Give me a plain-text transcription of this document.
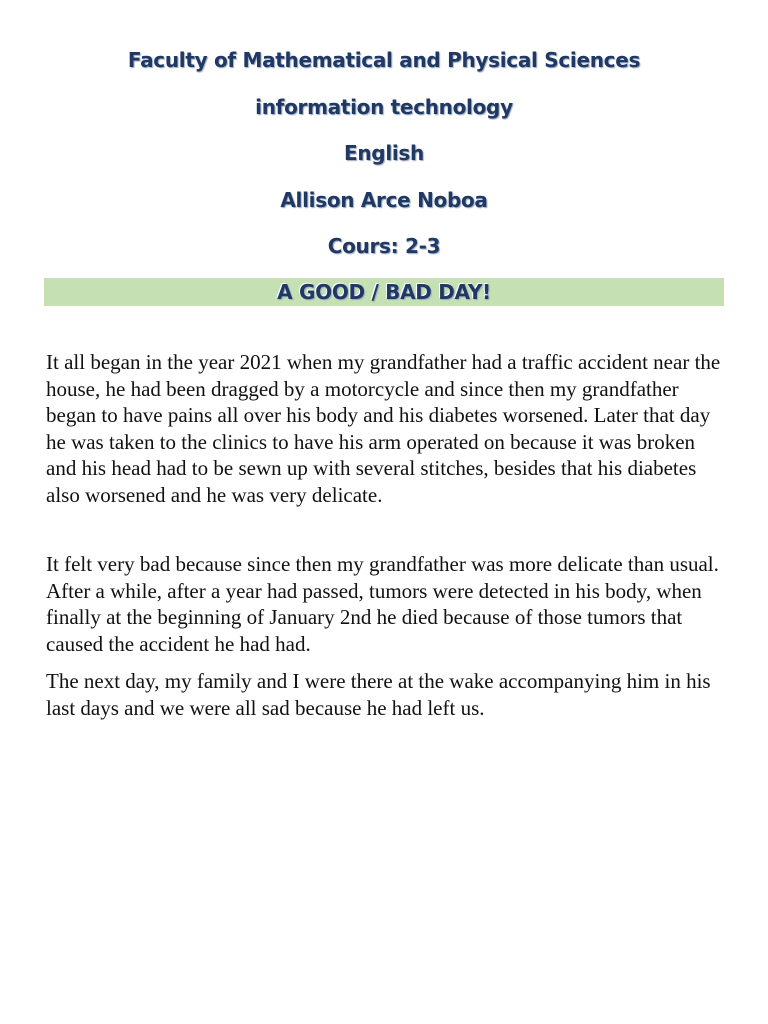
Faculty of Mathematical and Physical Sciences
information technology
English
Allison Arce Noboa
Cours: 2-3
A GOOD / BAD DAY!

It all began in the year 2021 when my grandfather had a traffic accident near the house, he had been dragged by a motorcycle and since then my grandfather began to have pains all over his body and his diabetes worsened. Later that day he was taken to the clinics to have his arm operated on because it was broken and his head had to be sewn up with several stitches, besides that his diabetes also worsened and he was very delicate.

It felt very bad because since then my grandfather was more delicate than usual. After a while, after a year had passed, tumors were detected in his body, when finally at the beginning of January 2nd he died because of those tumors that caused the accident he had had.

The next day, my family and I were there at the wake accompanying him in his last days and we were all sad because he had left us.
